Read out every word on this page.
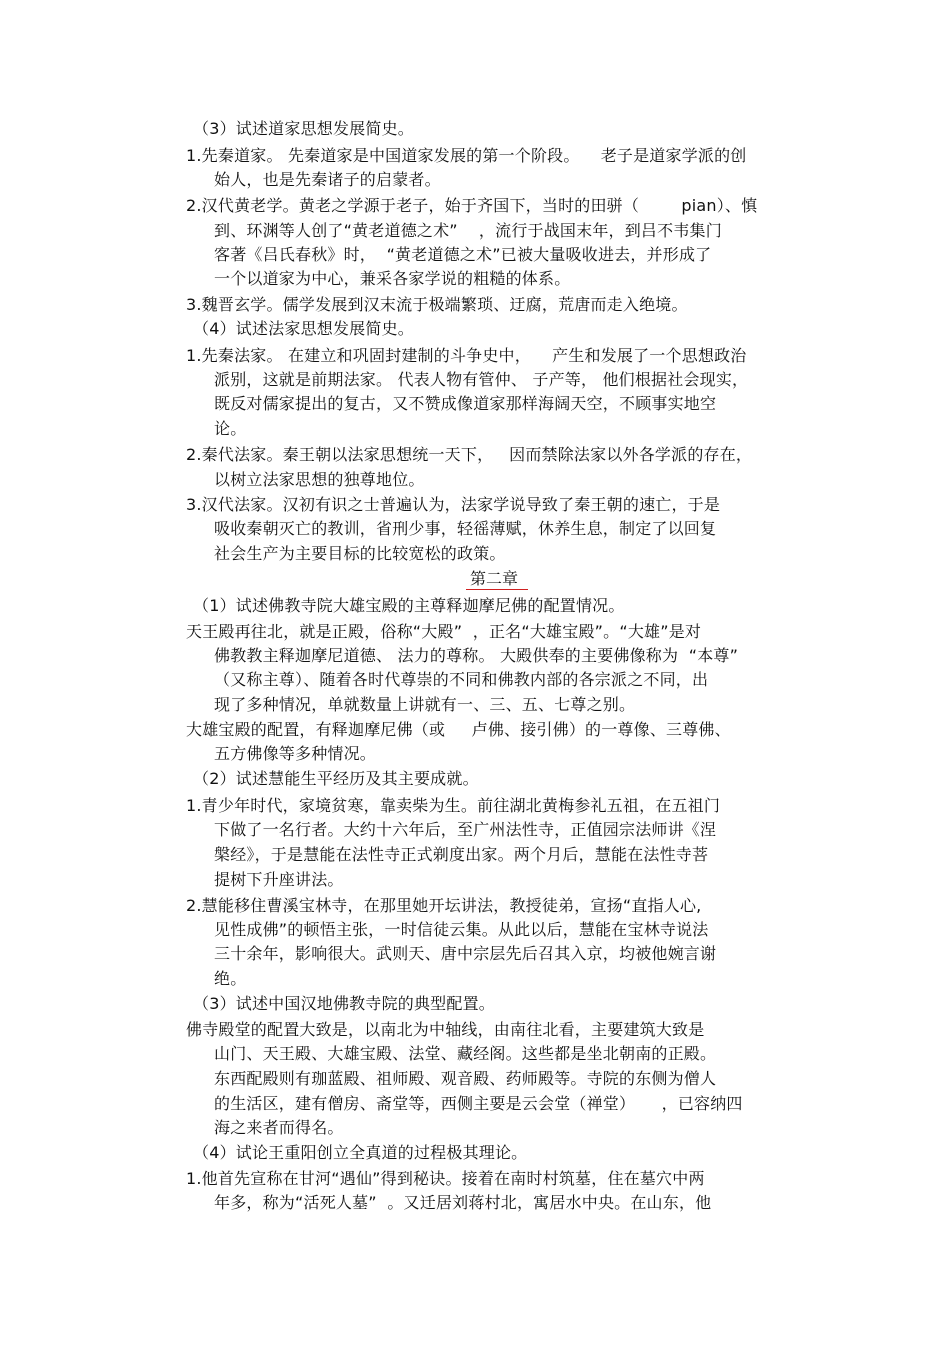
（3）试述道家思想发展简史。
1.先秦道家。 先秦道家是中国道家发展的第一个阶段。    老子是道家学派的创
始人，也是先秦诸子的启蒙者。
2.汉代黄老学。黄老之学源于老子，始于齐国下，当时的田骈（        pian）、慎
到、环渊等人创了“黄老道德之术”    ，流行于战国末年，到吕不韦集门
客著《吕氏春秋》时，  “黄老道德之术”已被大量吸收进去，并形成了
一个以道家为中心，兼采各家学说的粗糙的体系。
3.魏晋玄学。儒学发展到汉末流于极端繁琐、迂腐，荒唐而走入绝境。
（4）试述法家思想发展简史。
1.先秦法家。 在建立和巩固封建制的斗争史中，    产生和发展了一个思想政治
派别，这就是前期法家。 代表人物有管仲、 子产等， 他们根据社会现实，
既反对儒家提出的复古，又不赞成像道家那样海阔天空，不顾事实地空
论。
2.秦代法家。秦王朝以法家思想统一天下，   因而禁除法家以外各学派的存在，
以树立法家思想的独尊地位。
3.汉代法家。汉初有识之士普遍认为，法家学说导致了秦王朝的速亡，于是
吸收秦朝灭亡的教训，省刑少事，轻徭薄赋，休养生息，制定了以回复
社会生产为主要目标的比较宽松的政策。
第二章
（1）试述佛教寺院大雄宝殿的主尊释迦摩尼佛的配置情况。
天王殿再往北，就是正殿，俗称“大殿”  ，正名“大雄宝殿”。“大雄”是对
佛教教主释迦摩尼道德、 法力的尊称。 大殿供奉的主要佛像称为  “本尊”
（又称主尊）、随着各时代尊崇的不同和佛教内部的各宗派之不同，出
现了多种情况，单就数量上讲就有一、三、五、七尊之别。
大雄宝殿的配置，有释迦摩尼佛（或     卢佛、接引佛）的一尊像、三尊佛、
五方佛像等多种情况。
（2）试述慧能生平经历及其主要成就。
1.青少年时代，家境贫寒，靠卖柴为生。前往湖北黄梅参礼五祖，在五祖门
下做了一名行者。大约十六年后，至广州法性寺，正值园宗法师讲《涅
槃经》，于是慧能在法性寺正式剃度出家。两个月后，慧能在法性寺菩
提树下升座讲法。
2.慧能移住曹溪宝林寺，在那里她开坛讲法，教授徒弟，宣扬“直指人心,
见性成佛”的顿悟主张，一时信徒云集。从此以后，慧能在宝林寺说法
三十余年，影响很大。武则天、唐中宗层先后召其入京，均被他婉言谢
绝。
（3）试述中国汉地佛教寺院的典型配置。
佛寺殿堂的配置大致是，以南北为中轴线，由南往北看，主要建筑大致是
山门、天王殿、大雄宝殿、法堂、藏经阁。这些都是坐北朝南的正殿。
东西配殿则有珈蓝殿、祖师殿、观音殿、药师殿等。寺院的东侧为僧人
的生活区，建有僧房、斋堂等，西侧主要是云会堂（禅堂）     ，已容纳四
海之来者而得名。
（4）试论王重阳创立全真道的过程极其理论。
1.他首先宣称在甘河“遇仙”得到秘诀。接着在南时村筑墓，住在墓穴中两
年多，称为“活死人墓”  。又迁居刘蒋村北，寓居水中央。在山东，他
